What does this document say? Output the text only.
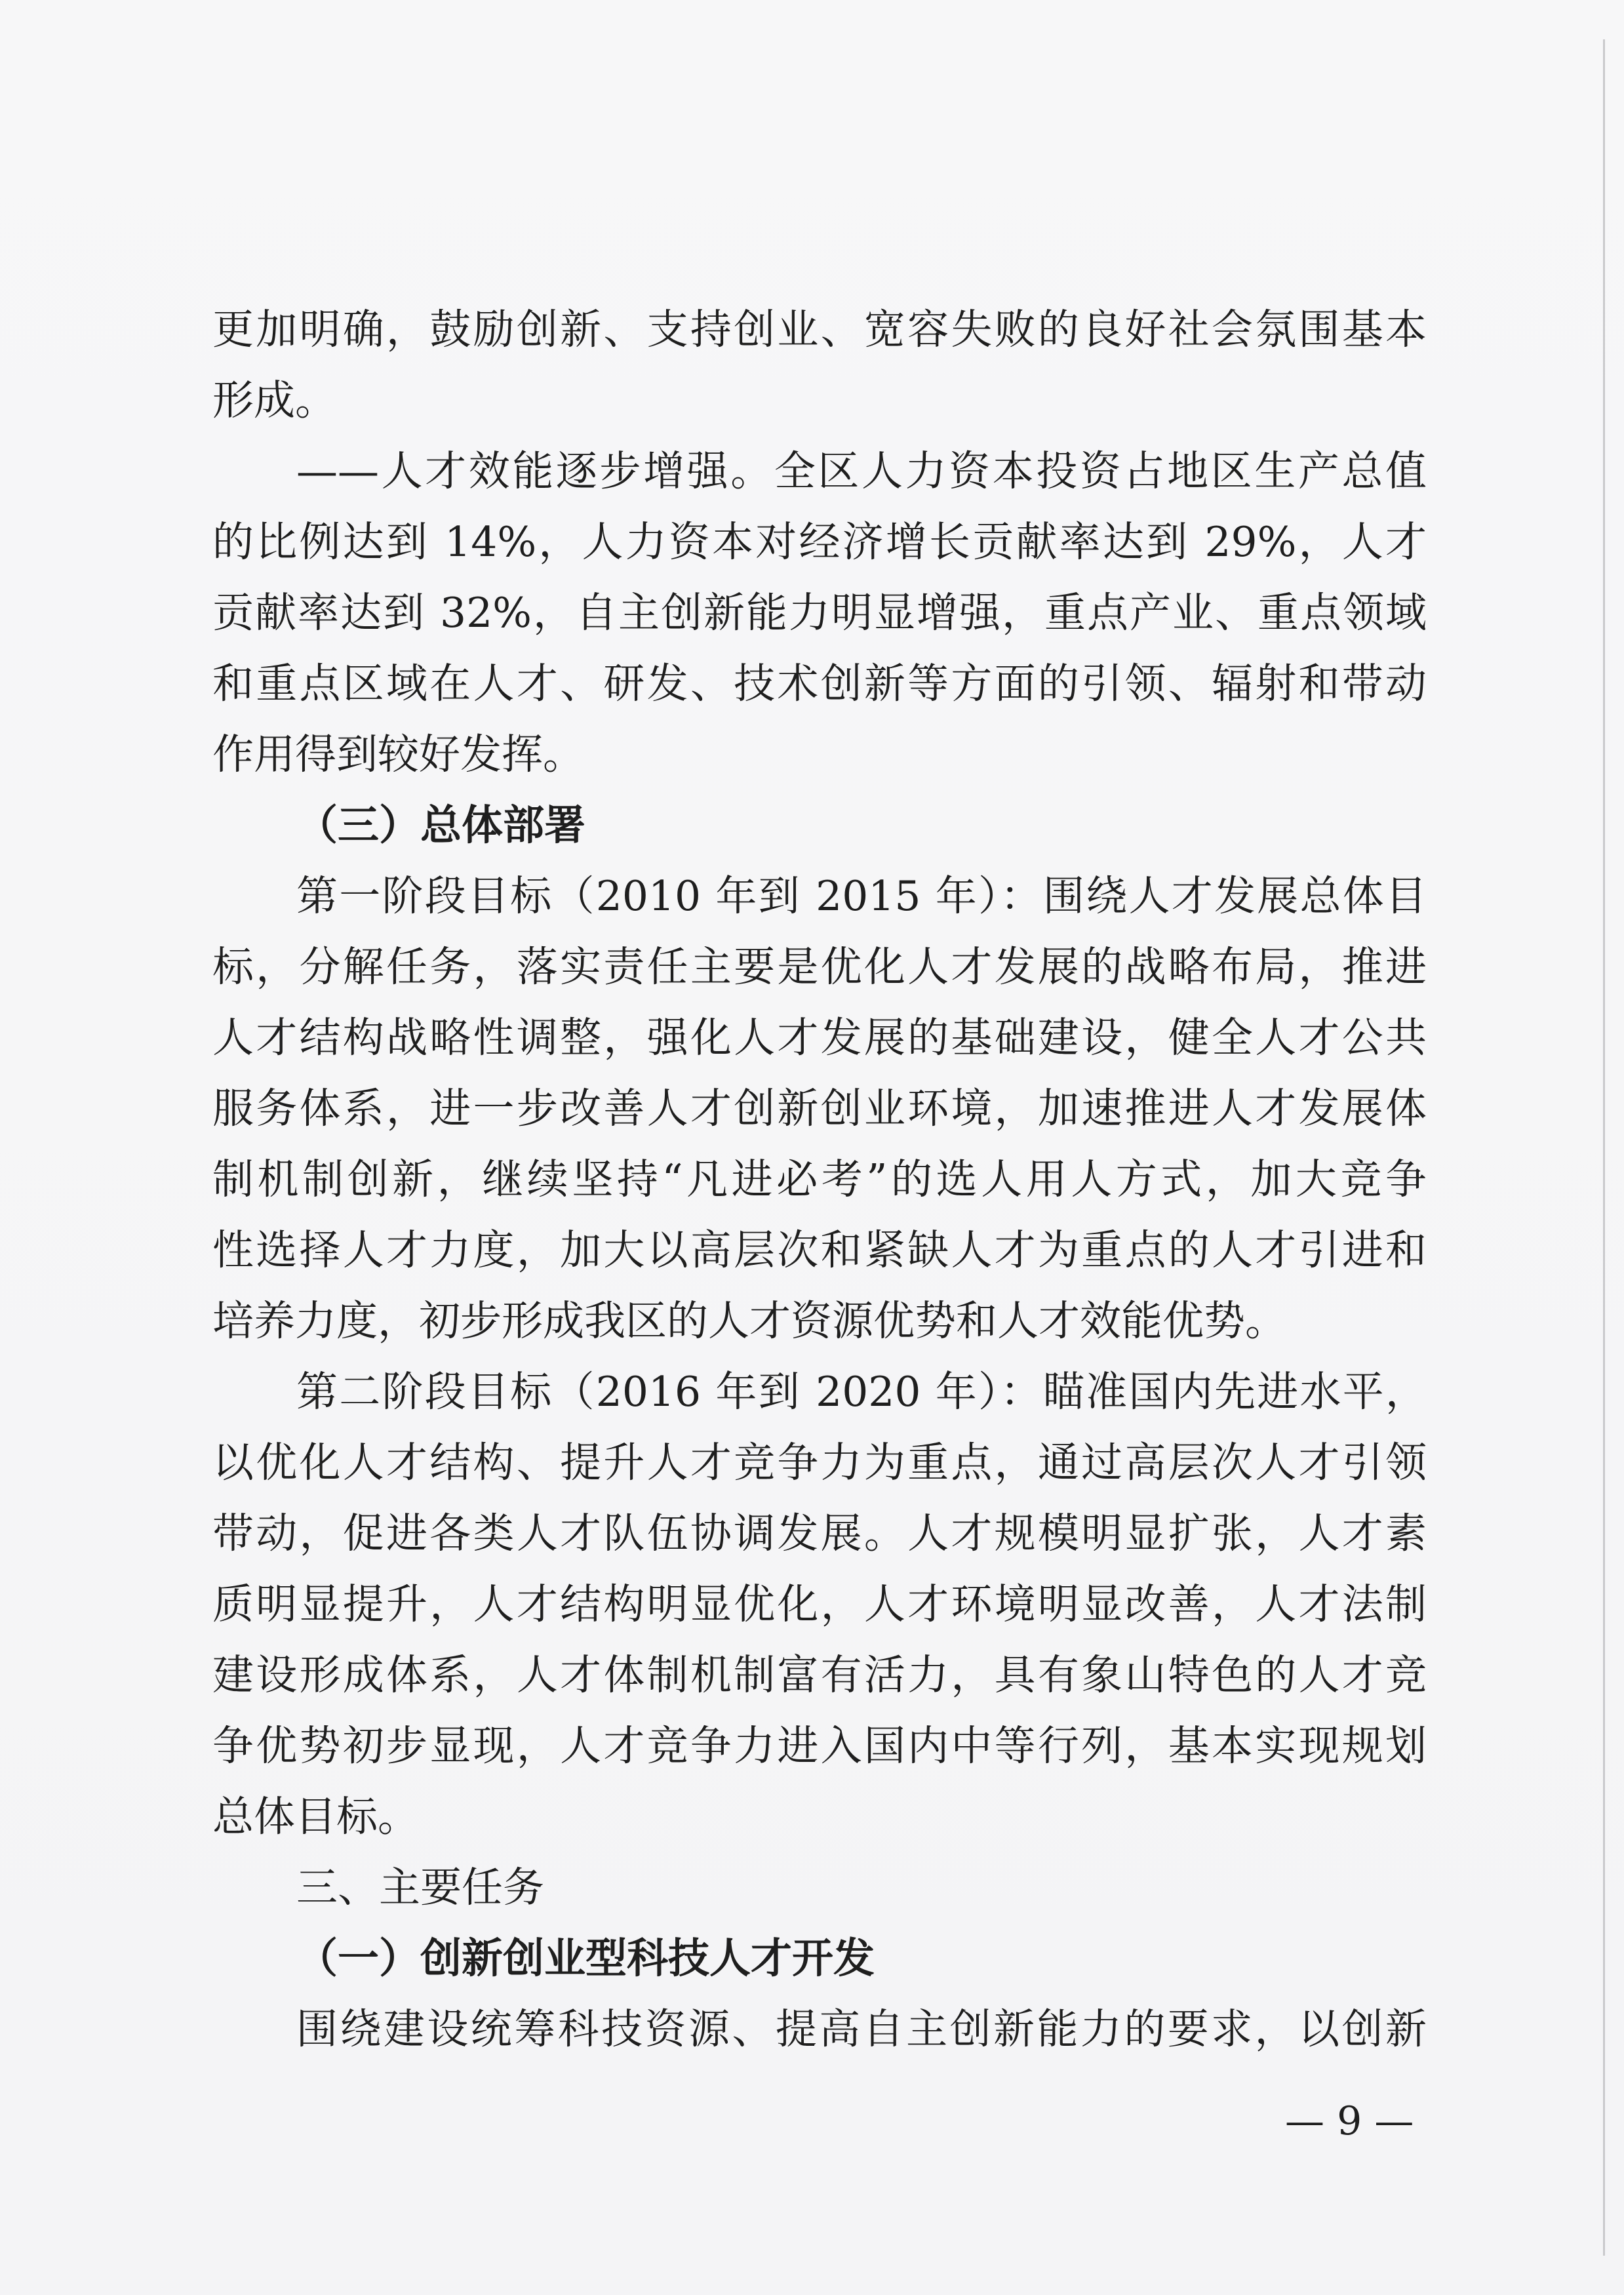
更加明确，鼓励创新、支持创业、宽容失败的良好社会氛围基本
形成。
——人才效能逐步增强。全区人力资本投资占地区生产总值
的比例达到 14%，人力资本对经济增长贡献率达到 29%，人才
贡献率达到 32%，自主创新能力明显增强，重点产业、重点领域
和重点区域在人才、研发、技术创新等方面的引领、辐射和带动
作用得到较好发挥。
（三）总体部署
第一阶段目标（2010 年到 2015 年）：围绕人才发展总体目
标，分解任务，落实责任主要是优化人才发展的战略布局，推进
人才结构战略性调整，强化人才发展的基础建设，健全人才公共
服务体系，进一步改善人才创新创业环境，加速推进人才发展体
制机制创新，继续坚持“凡进必考”的选人用人方式，加大竞争
性选择人才力度，加大以高层次和紧缺人才为重点的人才引进和
培养力度，初步形成我区的人才资源优势和人才效能优势。
第二阶段目标（2016 年到 2020 年）：瞄准国内先进水平，
以优化人才结构、提升人才竞争力为重点，通过高层次人才引领
带动，促进各类人才队伍协调发展。人才规模明显扩张，人才素
质明显提升，人才结构明显优化，人才环境明显改善，人才法制
建设形成体系，人才体制机制富有活力，具有象山特色的人才竞
争优势初步显现，人才竞争力进入国内中等行列，基本实现规划
总体目标。
三、主要任务
（一）创新创业型科技人才开发
围绕建设统筹科技资源、提高自主创新能力的要求，以创新
— 9 —
